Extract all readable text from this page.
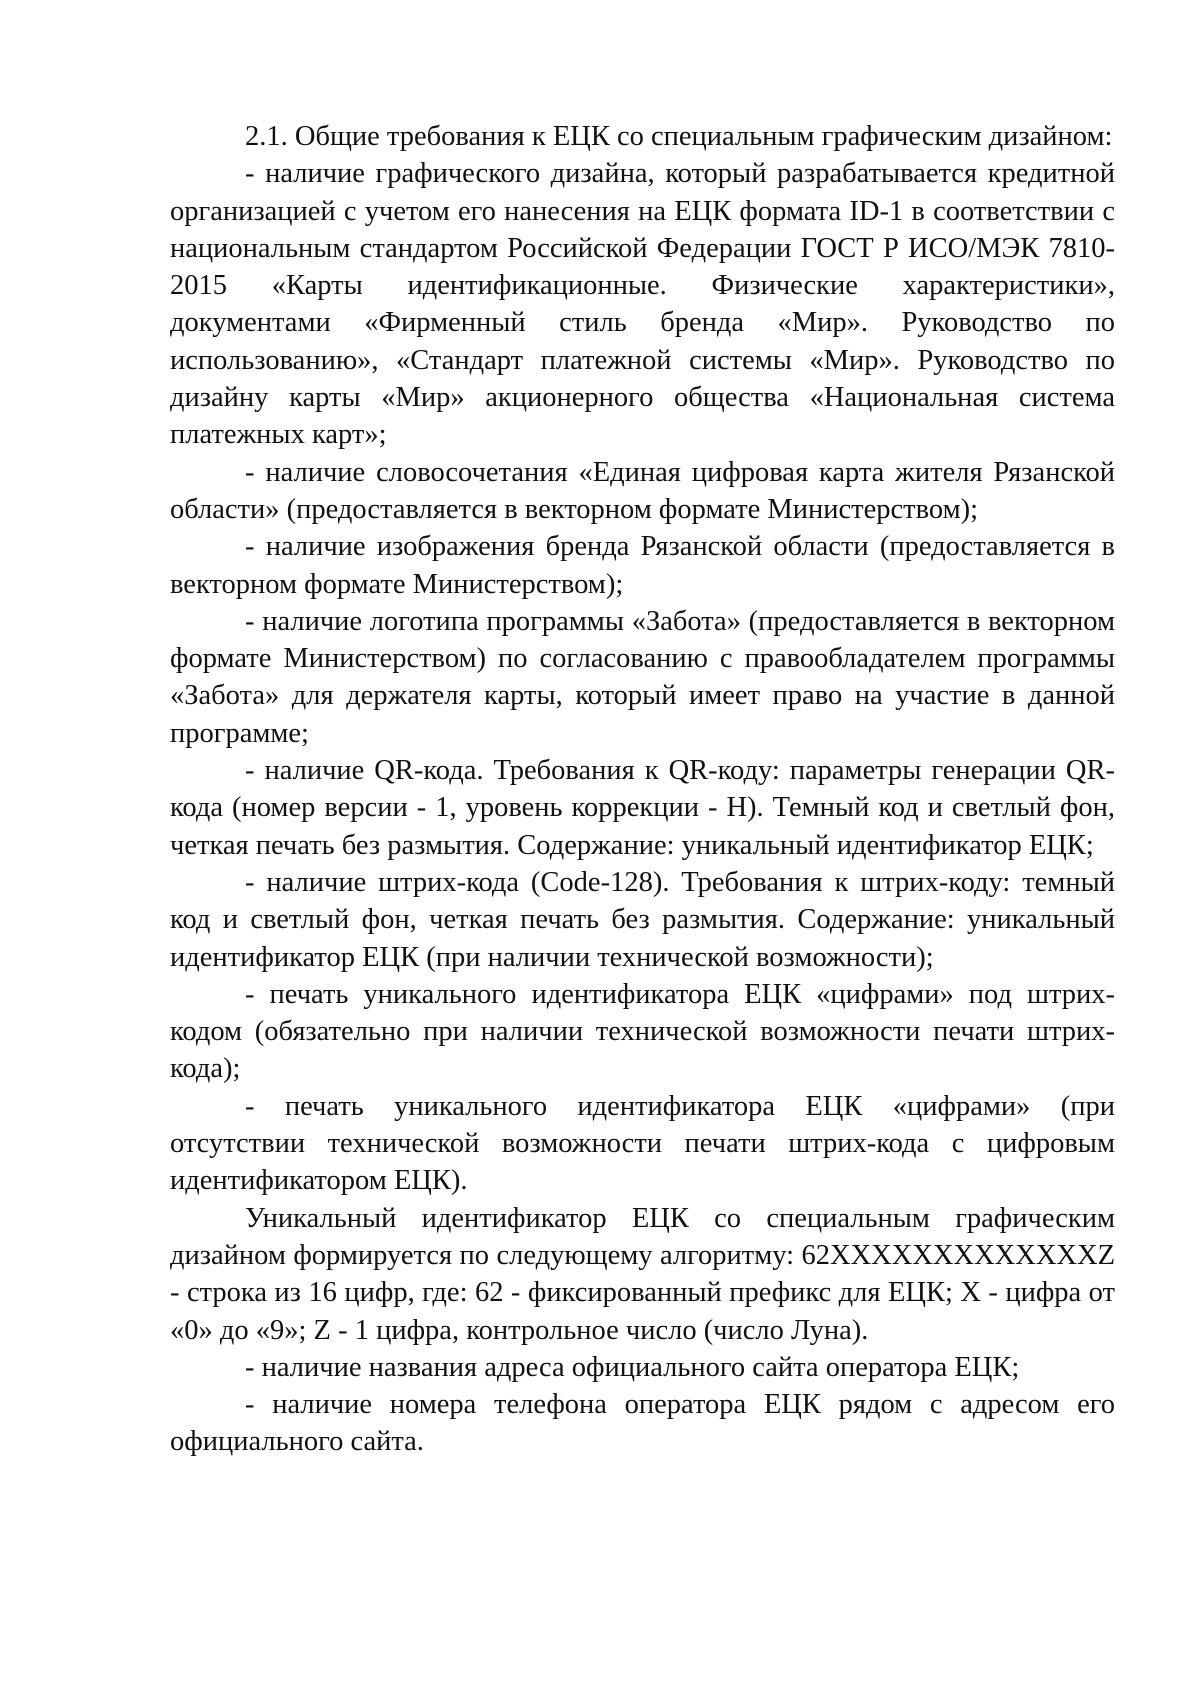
2.1. Общие требования к ЕЦК со специальным графическим дизайном:

- наличие графического дизайна, который разрабатывается кредитной организацией с учетом его нанесения на ЕЦК формата ID-1 в соответствии с национальным стандартом Российской Федерации ГОСТ Р ИСО/МЭК 7810-2015 «Карты идентификационные. Физические характеристики», документами «Фирменный стиль бренда «Мир». Руководство по использованию», «Стандарт платежной системы «Мир». Руководство по дизайну карты «Мир» акционерного общества «Национальная система платежных карт»;

- наличие словосочетания «Единая цифровая карта жителя Рязанской области» (предоставляется в векторном формате Министерством);

- наличие изображения бренда Рязанской области (предоставляется в векторном формате Министерством);

- наличие логотипа программы «Забота» (предоставляется в векторном формате Министерством) по согласованию с правообладателем программы «Забота» для держателя карты, который имеет право на участие в данной программе;

- наличие QR-кода. Требования к QR-коду: параметры генерации QR-кода (номер версии - 1, уровень коррекции - H). Темный код и светлый фон, четкая печать без размытия. Содержание: уникальный идентификатор ЕЦК;

- наличие штрих-кода (Code-128). Требования к штрих-коду: темный код и светлый фон, четкая печать без размытия. Содержание: уникальный идентификатор ЕЦК (при наличии технической возможности);

- печать уникального идентификатора ЕЦК «цифрами» под штрих-кодом (обязательно при наличии технической возможности печати штрих-кода);

- печать уникального идентификатора ЕЦК «цифрами» (при отсутствии технической возможности печати штрих-кода с цифровым идентификатором ЕЦК).

Уникальный идентификатор ЕЦК со специальным графическим дизайном формируется по следующему алгоритму: 62XXXXXXXXXXXXXZ - строка из 16 цифр, где: 62 - фиксированный префикс для ЕЦК; X - цифра от «0» до «9»; Z - 1 цифра, контрольное число (число Луна).

- наличие названия адреса официального сайта оператора ЕЦК;

- наличие номера телефона оператора ЕЦК рядом с адресом его официального сайта.
